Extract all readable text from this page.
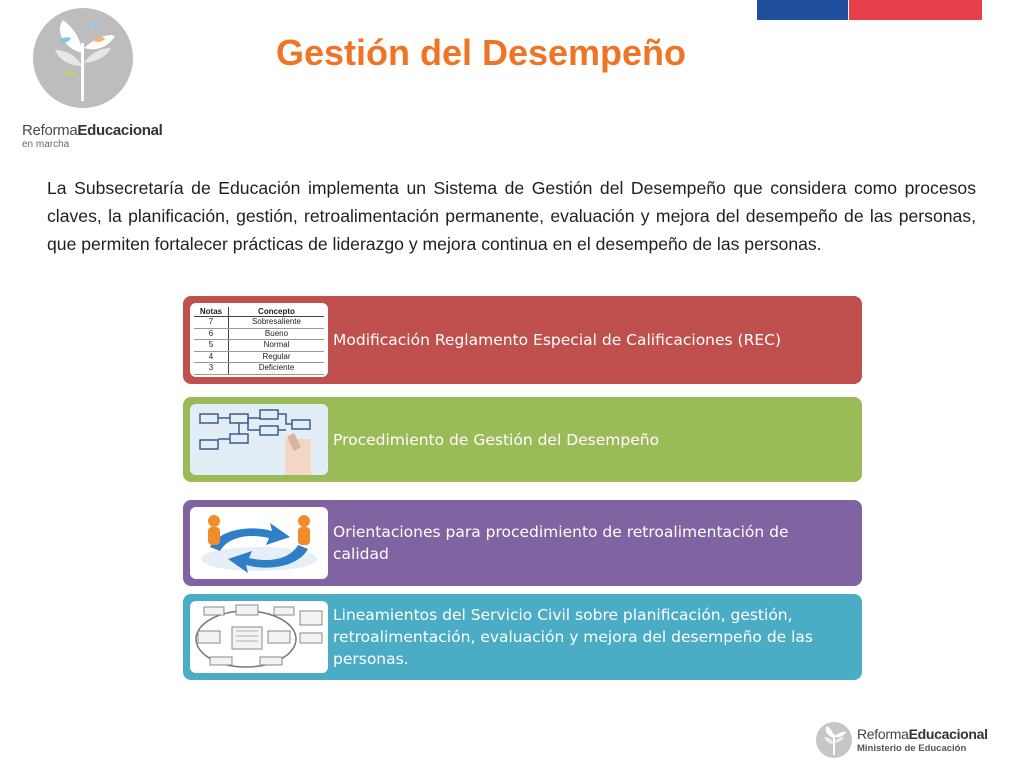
ReformaEducacional
en marcha
Gestión del Desempeño
La Subsecretaría de Educación implementa un Sistema de Gestión del Desempeño que considera como procesos claves, la planificación, gestión, retroalimentación permanente, evaluación y mejora del desempeño de las personas, que permiten fortalecer prácticas de liderazgo y mejora continua en el desempeño de las personas.
Notas	Concepto
7	Sobresaliente
6	Bueno
5	Normal
4	Regular
3	Deficiente
Modificación Reglamento Especial de Calificaciones (REC)
Procedimiento de Gestión del Desempeño
Orientaciones para procedimiento de retroalimentación de calidad
Lineamientos del Servicio Civil sobre planificación, gestión, retroalimentación, evaluación y mejora del desempeño de las personas.
ReformaEducacional
Ministerio de Educación
